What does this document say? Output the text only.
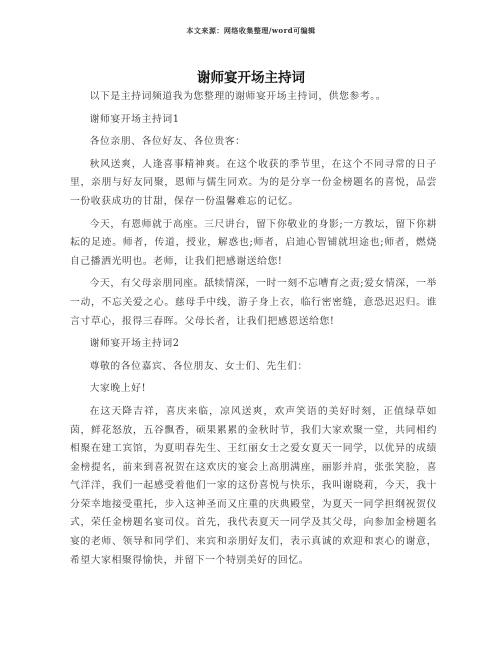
本文来源：网络收集整理/word可编辑
谢师宴开场主持词

以下是主持词频道我为您整理的谢师宴开场主持词，供您参考。。

谢师宴开场主持词1

各位亲朋、各位好友、各位贵客：

秋风送爽，人逢喜事精神爽。在这个收获的季节里，在这个不同寻常的日子里，亲朋与好友同聚，恩师与儒生同欢。为的是分享一份金榜题名的喜悦，品尝一份收获成功的甘甜，保存一份温馨难忘的记忆。

今天，有恩师就于高座。三尺讲台，留下你敬业的身影;一方教坛，留下你耕耘的足迹。师者，传道，授业，解惑也;师者，启迪心智铺就坦途也;师者，燃烧自己播洒光明也。老师，让我们把感谢送给您!

今天，有父母亲朋同座。舐犊情深，一时一刻不忘嘈育之责;爱女情深，一举一动，不忘关爱之心。慈母手中线，游子身上衣，临行密密缝，意恐迟迟归。谁言寸草心，报得三春晖。父母长者，让我们把感恩送给您!

谢师宴开场主持词2

尊敬的各位嘉宾、各位朋友、女士们、先生们：

大家晚上好!

在这天降吉祥，喜庆来临，凉风送爽，欢声笑语的美好时刻，正值绿草如茵，鲜花怒放，五谷飘香，硕果累累的金秋时节，我们大家欢聚一堂，共同相约相聚在建工宾馆，为夏明春先生、王红丽女士之爱女夏天一同学，以优异的成绩金榜提名，前来到喜祝贺在这欢庆的宴会上高朋满座，丽影并肩，张张笑脸，喜气洋洋，我们一起感受着他们一家的这份喜悦与快乐，我叫谢晓莉，今天，我十分荣幸地接受重托，步入这神圣而又庄重的庆典殿堂，为夏天一同学担纲祝贺仪式，荣任金榜题名宴司仪。首先，我代表夏天一同学及其父母，向参加金榜题名宴的老师、领导和同学们、来宾和亲朋好友们，表示真诚的欢迎和衷心的谢意，希望大家相聚得愉快，并留下一个特别美好的回忆。
